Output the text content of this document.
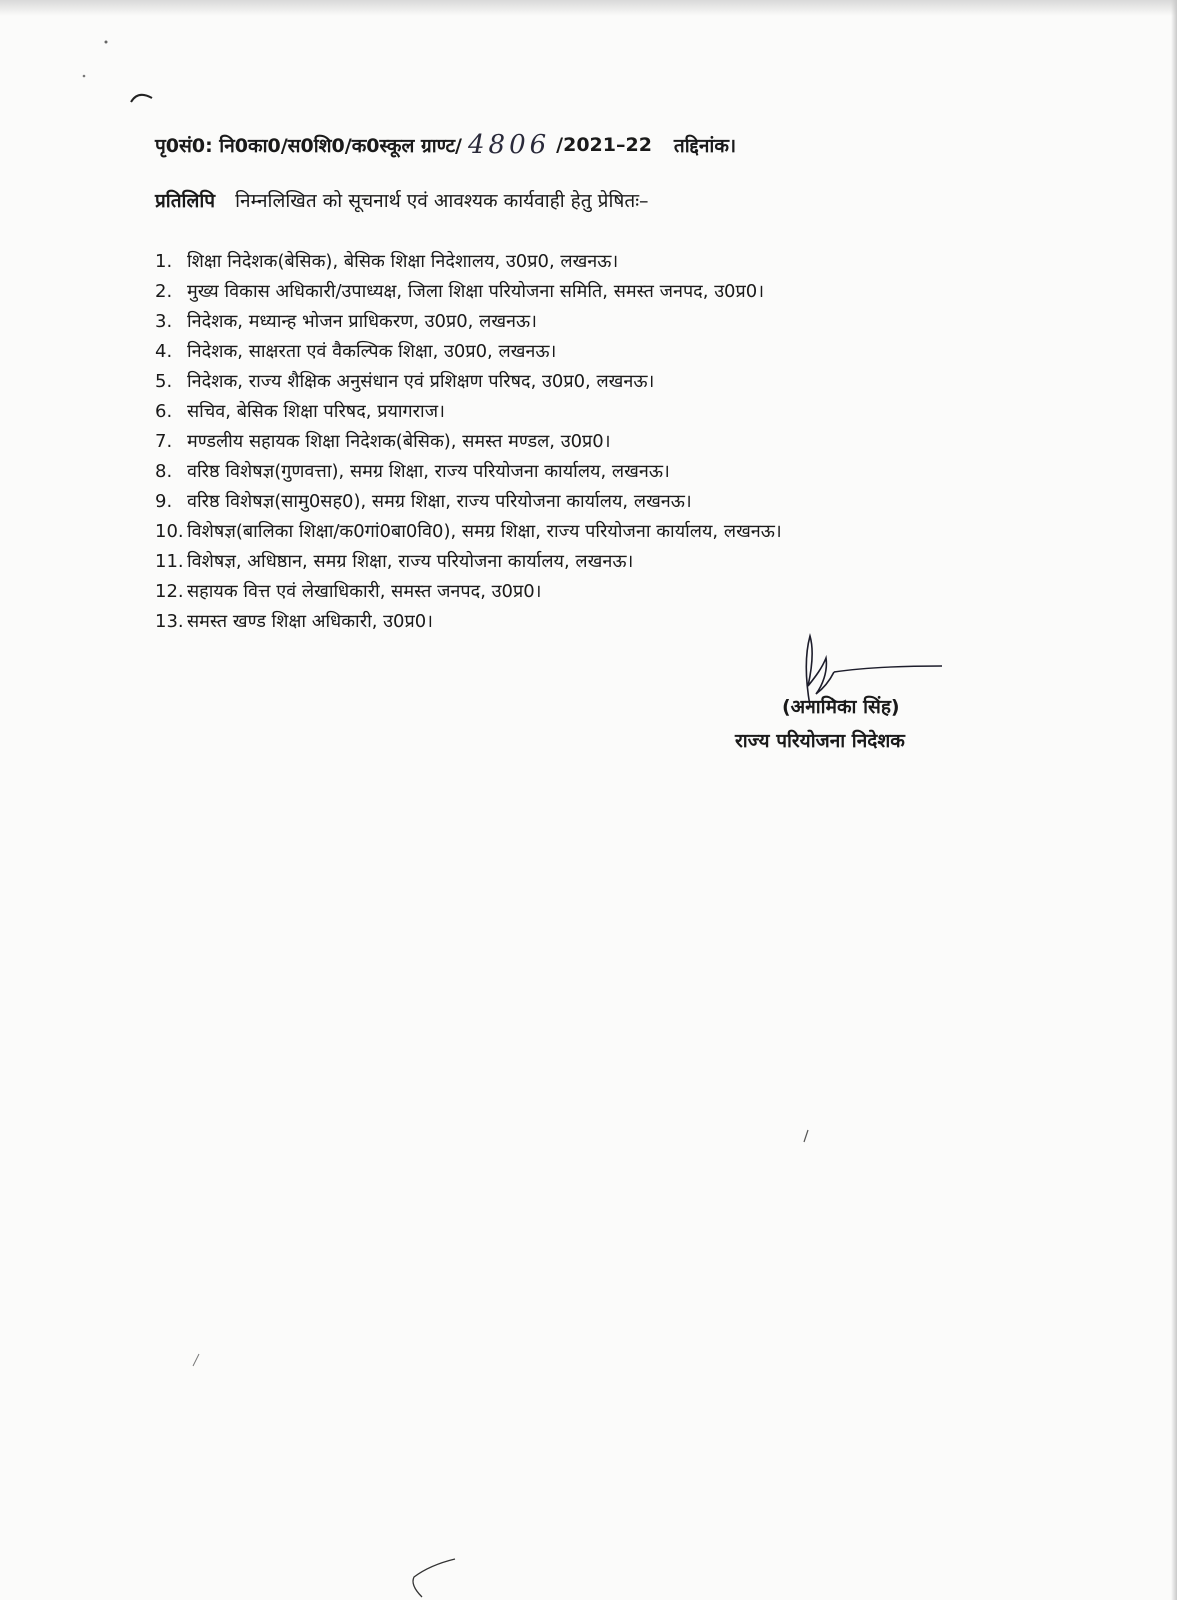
पृ0सं0: नि0का0/स0शि0/क0स्कूल ग्राण्ट/ 4806 /2021–22 तद्दिनांक।
प्रतिलिपि निम्नलिखित को सूचनार्थ एवं आवश्यक कार्यवाही हेतु प्रेषितः–
1. शिक्षा निदेशक(बेसिक), बेसिक शिक्षा निदेशालय, उ0प्र0, लखनऊ।
2. मुख्य विकास अधिकारी/उपाध्यक्ष, जिला शिक्षा परियोजना समिति, समस्त जनपद, उ0प्र0।
3. निदेशक, मध्यान्ह भोजन प्राधिकरण, उ0प्र0, लखनऊ।
4. निदेशक, साक्षरता एवं वैकल्पिक शिक्षा, उ0प्र0, लखनऊ।
5. निदेशक, राज्य शैक्षिक अनुसंधान एवं प्रशिक्षण परिषद, उ0प्र0, लखनऊ।
6. सचिव, बेसिक शिक्षा परिषद, प्रयागराज।
7. मण्डलीय सहायक शिक्षा निदेशक(बेसिक), समस्त मण्डल, उ0प्र0।
8. वरिष्ठ विशेषज्ञ(गुणवत्ता), समग्र शिक्षा, राज्य परियोजना कार्यालय, लखनऊ।
9. वरिष्ठ विशेषज्ञ(सामु0सह0), समग्र शिक्षा, राज्य परियोजना कार्यालय, लखनऊ।
10. विशेषज्ञ(बालिका शिक्षा/क0गां0बा0वि0), समग्र शिक्षा, राज्य परियोजना कार्यालय, लखनऊ।
11. विशेषज्ञ, अधिष्ठान, समग्र शिक्षा, राज्य परियोजना कार्यालय, लखनऊ।
12. सहायक वित्त एवं लेखाधिकारी, समस्त जनपद, उ0प्र0।
13. समस्त खण्ड शिक्षा अधिकारी, उ0प्र0।
(अनामिका सिंह)
राज्य परियोजना निदेशक
